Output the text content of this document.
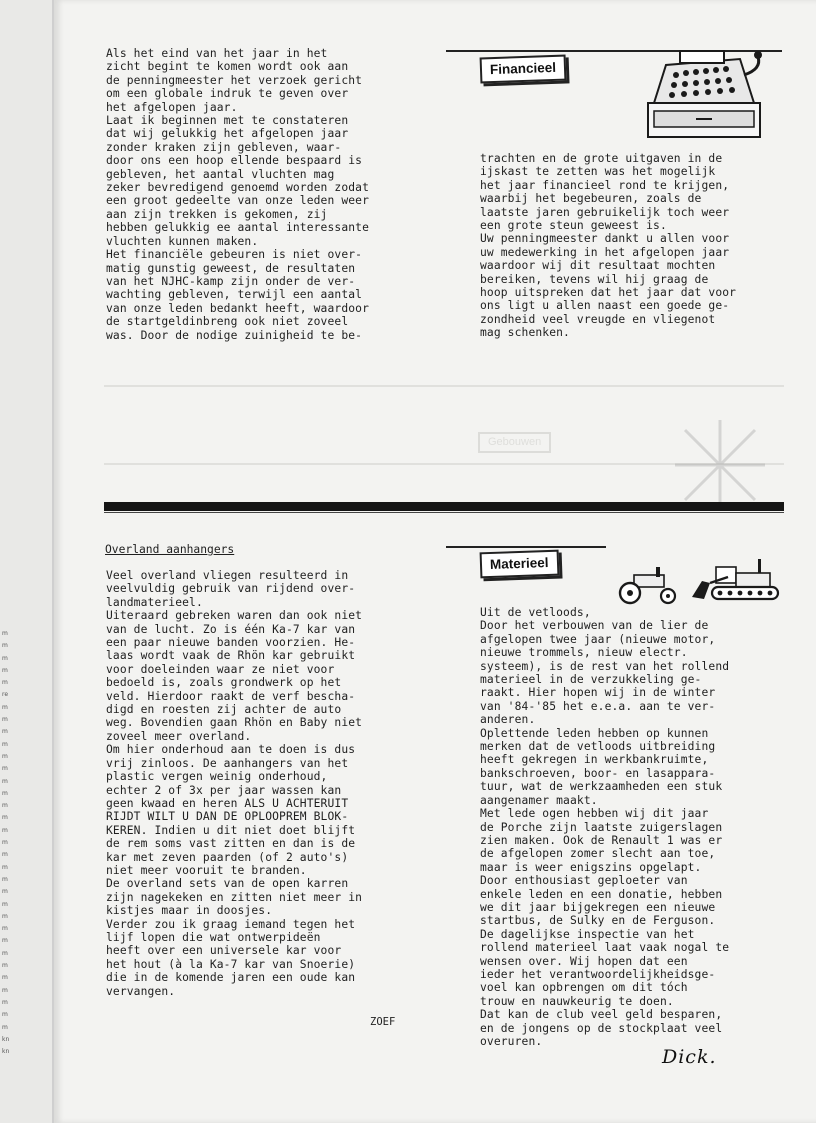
m
m
m
m
m
re
m
m
m
m
m
m
m
m
m
m
m
m
m
m
m
m
m
m
m
m
m
m
m
m
m
m
m
kn
kn
Als het eind van het jaar in het
zicht begint te komen wordt ook aan
de penningmeester het verzoek gericht
om een globale indruk te geven over
het afgelopen jaar.
Laat ik beginnen met te constateren
dat wij gelukkig het afgelopen jaar
zonder kraken zijn gebleven, waar-
door ons een hoop ellende bespaard is
gebleven, het aantal vluchten mag
zeker bevredigend genoemd worden zodat
een groot gedeelte van onze leden weer
aan zijn trekken is gekomen, zij
hebben gelukkig ee aantal interessante
vluchten kunnen maken.
Het financiële gebeuren is niet over-
matig gunstig geweest, de resultaten
van het NJHC-kamp zijn onder de ver-
wachting gebleven, terwijl een aantal
van onze leden bedankt heeft, waardoor
de startgeldinbreng ook niet zoveel
was. Door de nodige zuinigheid te be-
Financieel
trachten en de grote uitgaven in de
ijskast te zetten was het mogelijk
het jaar financieel rond te krijgen,
waarbij het begebeuren, zoals de
laatste jaren gebruikelijk toch weer
een grote steun geweest is.
Uw penningmeester dankt u allen voor
uw medewerking in het afgelopen jaar
waardoor wij dit resultaat mochten
bereiken, tevens wil hij graag de
hoop uitspreken dat het jaar dat voor
ons ligt u allen naast een goede ge-
zondheid veel vreugde en vliegenot
mag schenken.
Gebouwen
Overland aanhangers
Veel overland vliegen resulteerd in
veelvuldig gebruik van rijdend over-
landmaterieel.
Uiteraard gebreken waren dan ook niet
van de lucht. Zo is één Ka-7 kar van
een paar nieuwe banden voorzien. He-
laas wordt vaak de Rhön kar gebruikt
voor doeleinden waar ze niet voor
bedoeld is, zoals grondwerk op het
veld. Hierdoor raakt de verf bescha-
digd en roesten zij achter de auto
weg. Bovendien gaan Rhön en Baby niet
zoveel meer overland.
Om hier onderhoud aan te doen is dus
vrij zinloos. De aanhangers van het
plastic vergen weinig onderhoud,
echter 2 of 3x per jaar wassen kan
geen kwaad en heren ALS U ACHTERUIT
RIJDT WILT U DAN DE OPLOOPREM BLOK-
KEREN. Indien u dit niet doet blijft
de rem soms vast zitten en dan is de
kar met zeven paarden (of 2 auto's)
niet meer vooruit te branden.
De overland sets van de open karren
zijn nagekeken en zitten niet meer in
kistjes maar in doosjes.
Verder zou ik graag iemand tegen het
lijf lopen die wat ontwerpideën
heeft over een universele kar voor
het hout (à la Ka-7 kar van Snoerie)
die in de komende jaren een oude kan
vervangen.
ZOEF
Materieel
Uit de vetloods,
Door het verbouwen van de lier de
afgelopen twee jaar (nieuwe motor,
nieuwe trommels, nieuw electr.
systeem), is de rest van het rollend
materieel in de verzukkeling ge-
raakt. Hier hopen wij in de winter
van '84-'85 het e.e.a. aan te ver-
anderen.
Oplettende leden hebben op kunnen
merken dat de vetloods uitbreiding
heeft gekregen in werkbankruimte,
bankschroeven, boor- en lasappara-
tuur, wat de werkzaamheden een stuk
aangenamer maakt.
Met lede ogen hebben wij dit jaar
de Porche zijn laatste zuigerslagen
zien maken. Ook de Renault 1 was er
de afgelopen zomer slecht aan toe,
maar is weer enigszins opgelapt.
Door enthousiast geploeter van
enkele leden en een donatie, hebben
we dit jaar bijgekregen een nieuwe
startbus, de Sulky en de Ferguson.
De dagelijkse inspectie van het
rollend materieel laat vaak nogal te
wensen over. Wij hopen dat een
ieder het verantwoordelijkheidsge-
voel kan opbrengen om dit tóch
trouw en nauwkeurig te doen.
Dat kan de club veel geld besparen,
en de jongens op de stockplaat veel
overuren.
Dick.
